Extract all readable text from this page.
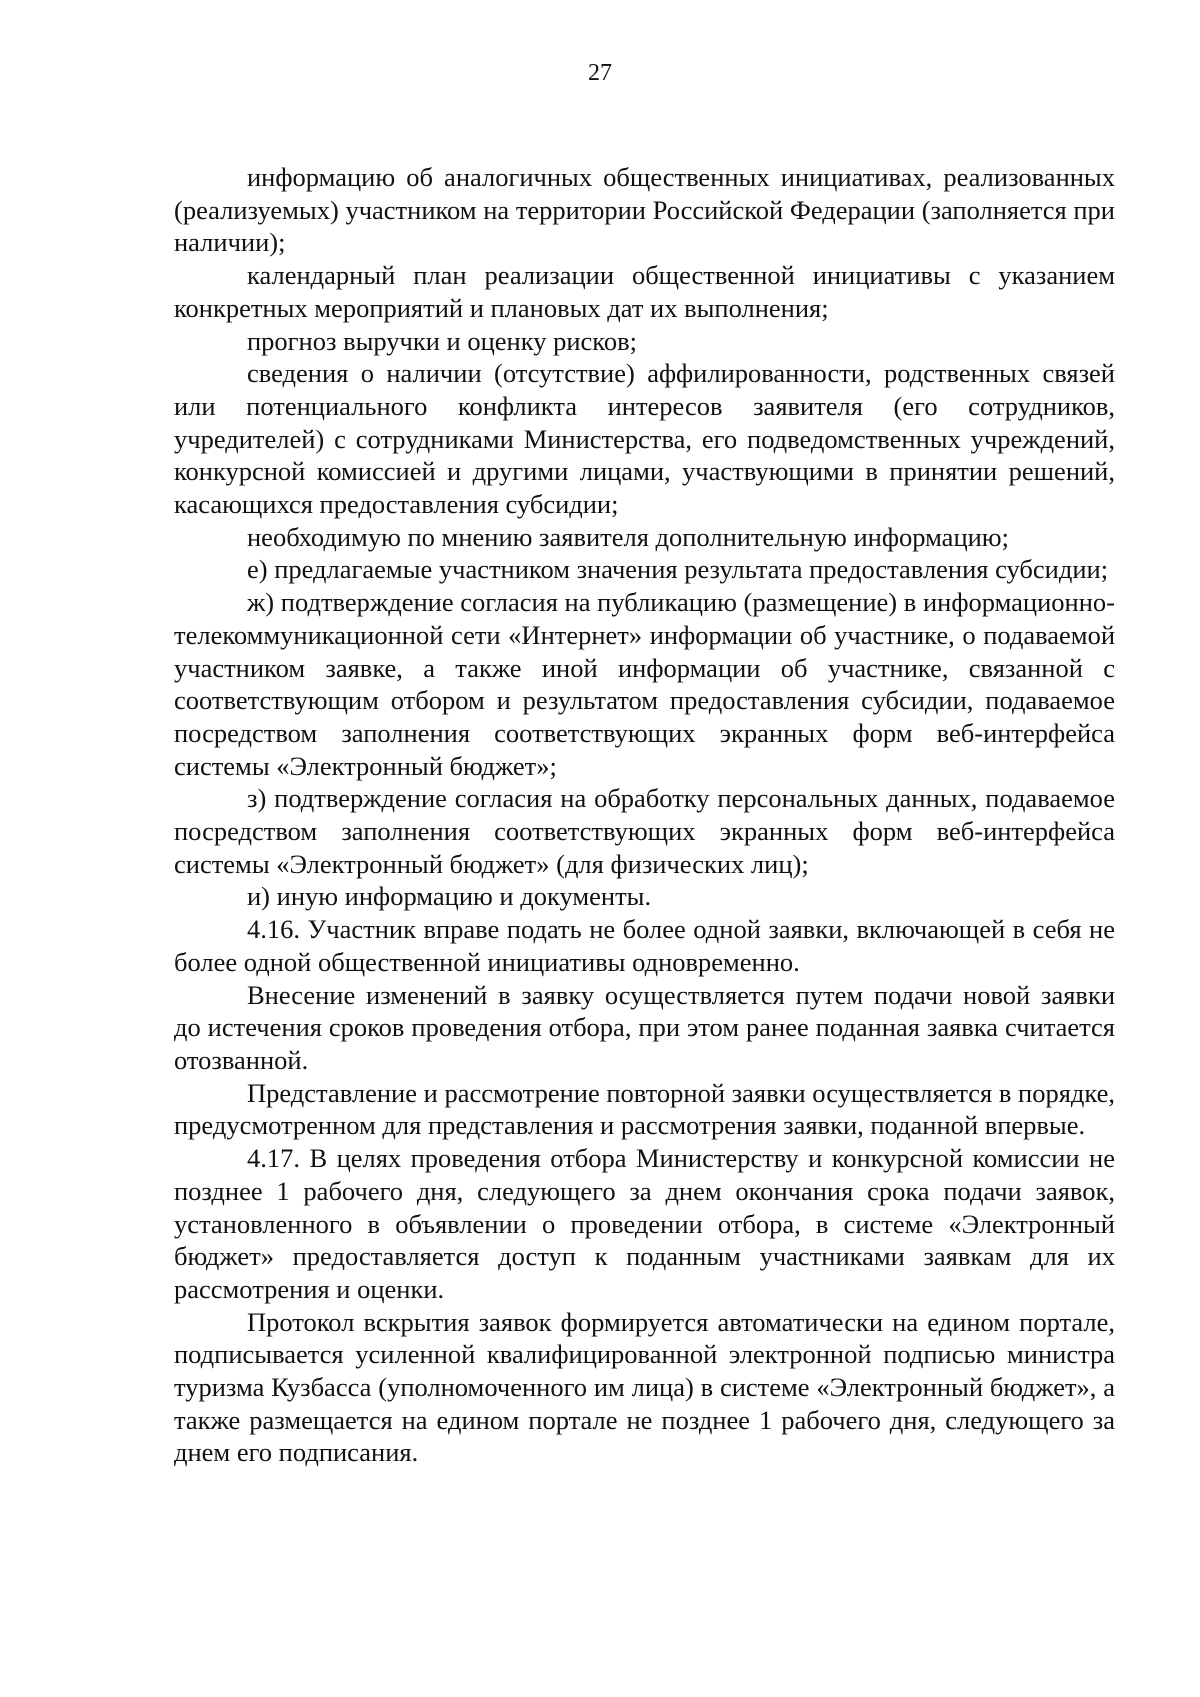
27

информацию об аналогичных общественных инициативах, реализованных (реализуемых) участником на территории Российской Федерации (заполняется при наличии);

календарный план реализации общественной инициативы с указанием конкретных мероприятий и плановых дат их выполнения;

прогноз выручки и оценку рисков;

сведения о наличии (отсутствие) аффилированности, родственных связей или потенциального конфликта интересов заявителя (его сотрудников, учредителей) с сотрудниками Министерства, его подведомственных учреждений, конкурсной комиссией и другими лицами, участвующими в принятии решений, касающихся предоставления субсидии;

необходимую по мнению заявителя дополнительную информацию;

е) предлагаемые участником значения результата предоставления субсидии;

ж) подтверждение согласия на публикацию (размещение) в информационно-телекоммуникационной сети «Интернет» информации об участнике, о подаваемой участником заявке, а также иной информации об участнике, связанной с соответствующим отбором и результатом предоставления субсидии, подаваемое посредством заполнения соответствующих экранных форм веб-интерфейса системы «Электронный бюджет»;

з) подтверждение согласия на обработку персональных данных, подаваемое посредством заполнения соответствующих экранных форм веб-интерфейса системы «Электронный бюджет» (для физических лиц);

и) иную информацию и документы.

4.16. Участник вправе подать не более одной заявки, включающей в себя не более одной общественной инициативы одновременно.

Внесение изменений в заявку осуществляется путем подачи новой заявки до истечения сроков проведения отбора, при этом ранее поданная заявка считается отозванной.

Представление и рассмотрение повторной заявки осуществляется в порядке, предусмотренном для представления и рассмотрения заявки, поданной впервые.

4.17. В целях проведения отбора Министерству и конкурсной комиссии не позднее 1 рабочего дня, следующего за днем окончания срока подачи заявок, установленного в объявлении о проведении отбора, в системе «Электронный бюджет» предоставляется доступ к поданным участниками заявкам для их рассмотрения и оценки.

Протокол вскрытия заявок формируется автоматически на едином портале, подписывается усиленной квалифицированной электронной подписью министра туризма Кузбасса (уполномоченного им лица) в системе «Электронный бюджет», а также размещается на едином портале не позднее 1 рабочего дня, следующего за днем его подписания.
